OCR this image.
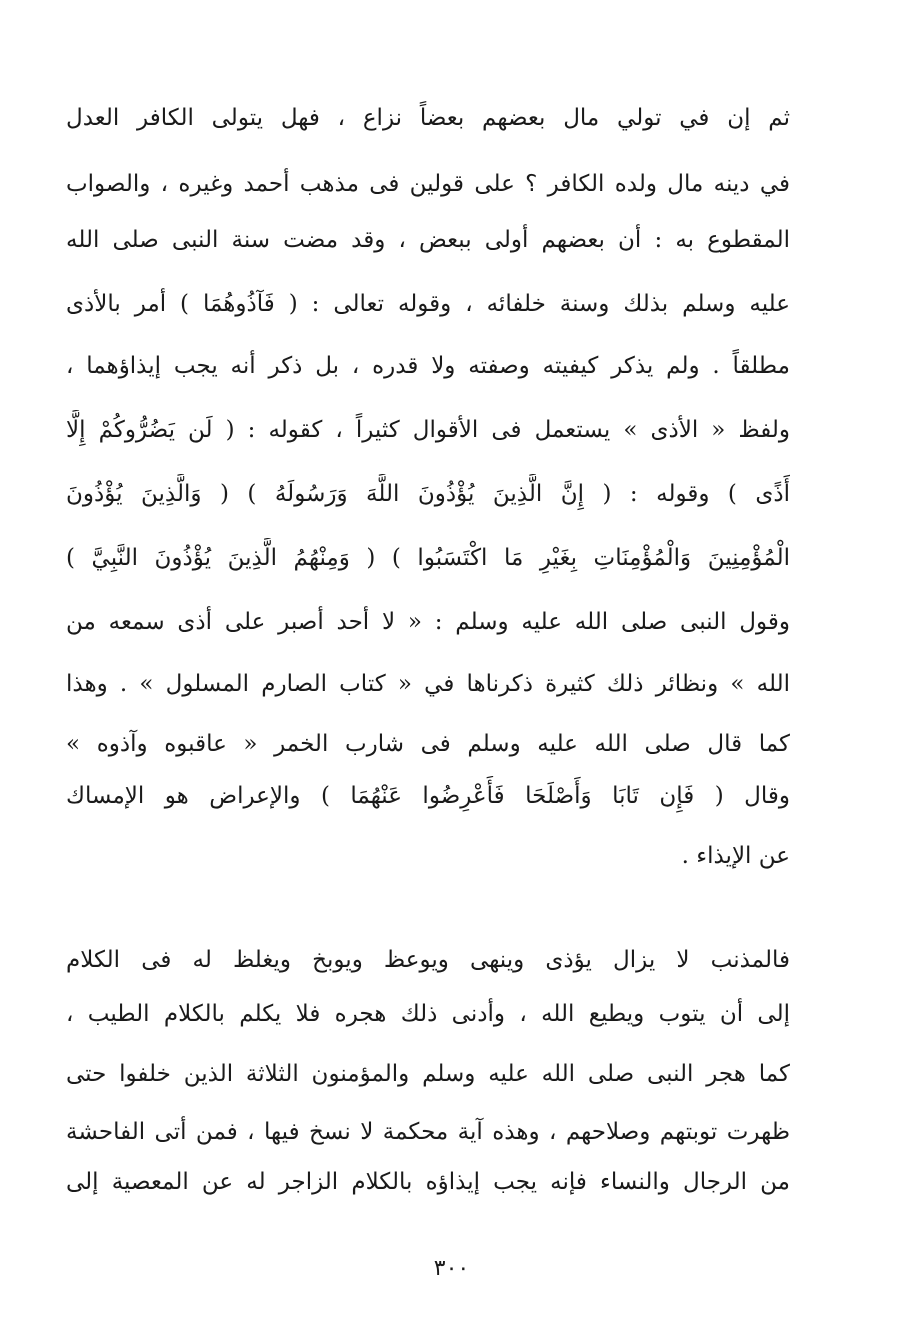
ثم إن في تولي مال بعضهم بعضاً نزاع ، فهل يتولى الكافر العدل
في دينه مال ولده الكافر ؟ على قولين فى مذهب أحمد وغيره ، والصواب
المقطوع به : أن بعضهم أولى ببعض ، وقد مضت سنة النبى صلى الله
عليه وسلم بذلك وسنة خلفائه ، وقوله تعالى : ( فَآذُوهُمَا ) أمر بالأذى
مطلقاً . ولم يذكر كيفيته وصفته ولا قدره ، بل ذكر أنه يجب إيذاؤهما ،
ولفظ « الأذى » يستعمل فى الأقوال كثيراً ، كقوله : ( لَن يَضُرُّوكُمْ إِلَّا
أَذًى ) وقوله : ( إِنَّ الَّذِينَ يُؤْذُونَ اللَّهَ وَرَسُولَهُ ) ( وَالَّذِينَ يُؤْذُونَ
الْمُؤْمِنِينَ وَالْمُؤْمِنَاتِ بِغَيْرِ مَا اكْتَسَبُوا ) ( وَمِنْهُمُ الَّذِينَ يُؤْذُونَ النَّبِيَّ )
وقول النبى صلى الله عليه وسلم : « لا أحد أصبر على أذى سمعه من
الله » ونظائر ذلك كثيرة ذكرناها في « كتاب الصارم المسلول » . وهذا
كما قال صلى الله عليه وسلم فى شارب الخمر « عاقبوه وآذوه »
وقال ( فَإِن تَابَا وَأَصْلَحَا فَأَعْرِضُوا عَنْهُمَا ) والإعراض هو الإمساك
عن الإيذاء .
فالمذنب لا يزال يؤذى وينهى ويوعظ ويوبخ ويغلظ له فى الكلام
إلى أن يتوب ويطيع الله ، وأدنى ذلك هجره فلا يكلم بالكلام الطيب ،
كما هجر النبى صلى الله عليه وسلم والمؤمنون الثلاثة الذين خلفوا حتى
ظهرت توبتهم وصلاحهم ، وهذه آية محكمة لا نسخ فيها ، فمن أتى الفاحشة
من الرجال والنساء فإنه يجب إيذاؤه بالكلام الزاجر له عن المعصية إلى
٣٠٠
